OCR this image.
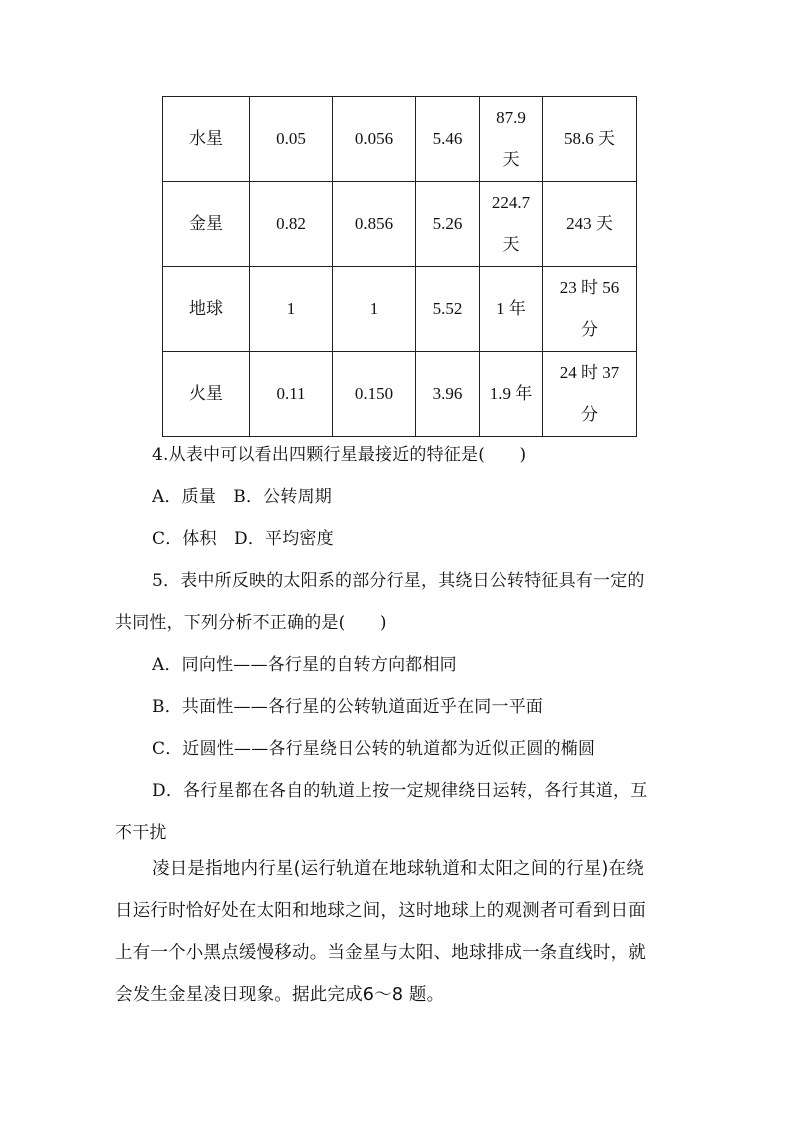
水星	0.05	0.056	5.46	87.9天	58.6 天
金星	0.82	0.856	5.26	224.7天	243 天
地球	1	1	5.52	1 年	23 时 56分
火星	0.11	0.150	3.96	1.9 年	24 时 37分

4.从表中可以看出四颗行星最接近的特征是(　　)

A．质量　B．公转周期

C．体积　D．平均密度

5．表中所反映的太阳系的部分行星，其绕日公转特征具有一定的

共同性，下列分析不正确的是(　　)

A．同向性——各行星的自转方向都相同

B．共面性——各行星的公转轨道面近乎在同一平面

C．近圆性——各行星绕日公转的轨道都为近似正圆的椭圆

D．各行星都在各自的轨道上按一定规律绕日运转，各行其道，互

不干扰

凌日是指地内行星(运行轨道在地球轨道和太阳之间的行星)在绕

日运行时恰好处在太阳和地球之间，这时地球上的观测者可看到日面

上有一个小黑点缓慢移动。当金星与太阳、地球排成一条直线时，就

会发生金星凌日现象。据此完成6～8 题。
